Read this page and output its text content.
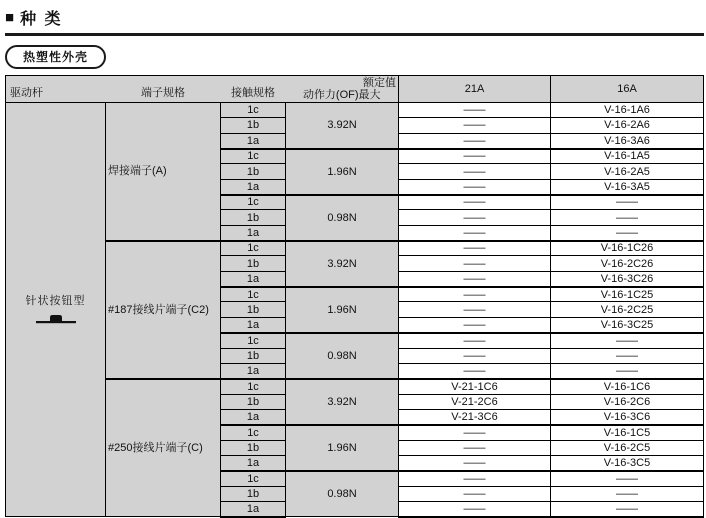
■ 种 类
热塑性外壳
驱动杆	端子规格	接触规格	额定值
动作力(OF)最大	21A	16A

针状按钮型	焊接端子(A)	1c	3.92N	——	V-16-1A6
		1b		——	V-16-2A6
		1a		——	V-16-3A6
		1c	1.96N	——	V-16-1A5
		1b		——	V-16-2A5
		1a		——	V-16-3A5
		1c	0.98N	——	——
		1b		——	——
		1a		——	——
	#187接线片端子(C2)	1c	3.92N	——	V-16-1C26
		1b		——	V-16-2C26
		1a		——	V-16-3C26
		1c	1.96N	——	V-16-1C25
		1b		——	V-16-2C25
		1a		——	V-16-3C25
		1c	0.98N	——	——
		1b		——	——
		1a		——	——
	#250接线片端子(C)	1c	3.92N	V-21-1C6	V-16-1C6
		1b		V-21-2C6	V-16-2C6
		1a		V-21-3C6	V-16-3C6
		1c	1.96N	——	V-16-1C5
		1b		——	V-16-2C5
		1a		——	V-16-3C5
		1c	0.98N	——	——
		1b		——	——
		1a		——	——
